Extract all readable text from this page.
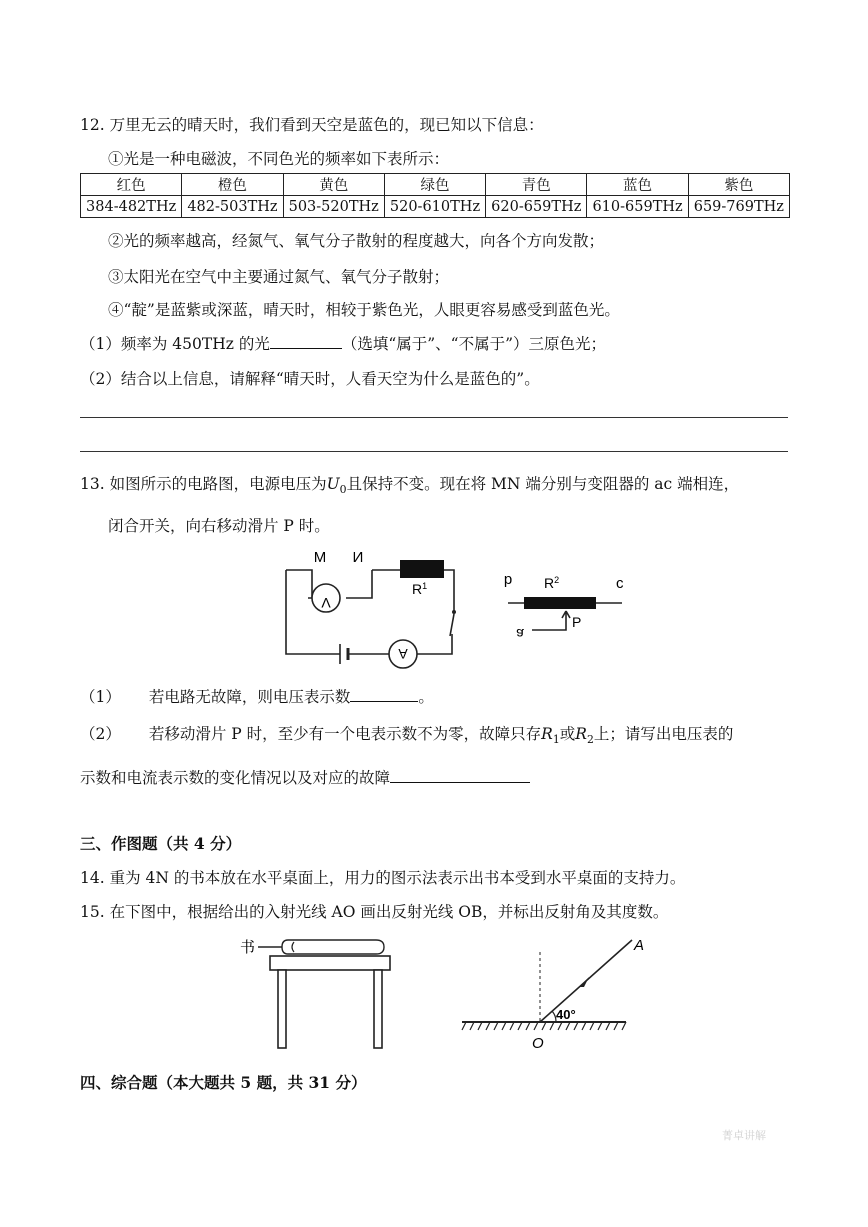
12. 万里无云的晴天时，我们看到天空是蓝色的，现已知以下信息：
①光是一种电磁波，不同色光的频率如下表所示：
红色	橙色	黄色	绿色	青色	蓝色	紫色
384-482THz	482-503THz	503-520THz	520-610THz	620-659THz	610-659THz	659-769THz
②光的频率越高，经氮气、氧气分子散射的程度越大，向各个方向发散；
③太阳光在空气中主要通过氮气、氧气分子散射；
④“靛”是蓝紫或深蓝，晴天时，相较于紫色光，人眼更容易感受到蓝色光。
（1）频率为 450THz 的光	（选填“属于”、“不属于”）三原色光；
（2）结合以上信息，请解释“晴天时，人看天空为什么是蓝色的”。
13. 如图所示的电路图，电源电压为$U_0$且保持不变。现在将 MN 端分别与变阻器的 ac 端相连，
闭合开关，向右移动滑片 P 时。
M N
V
$R^1$
A
b $R^2$	c
a
P
（1） 若电路无故障，则电压表示数	。
（2） 若移动滑片 P 时，至少有一个电表示数不为零，故障只存$R_1$或$R_2$上；请写出电压表的
示数和电流表示数的变化情况以及对应的故障
三、作图题（共 4 分）
14. 重为 4N 的书本放在水平桌面上，用力的图示法表示出书本受到水平桌面的支持力。
15. 在下图中，根据给出的入射光线 AO 画出反射光线 OB，并标出反射角及其度数。
书	A
O
40°
四、综合题（本大题共 5 题，共 31 分）
菁卓讲解
